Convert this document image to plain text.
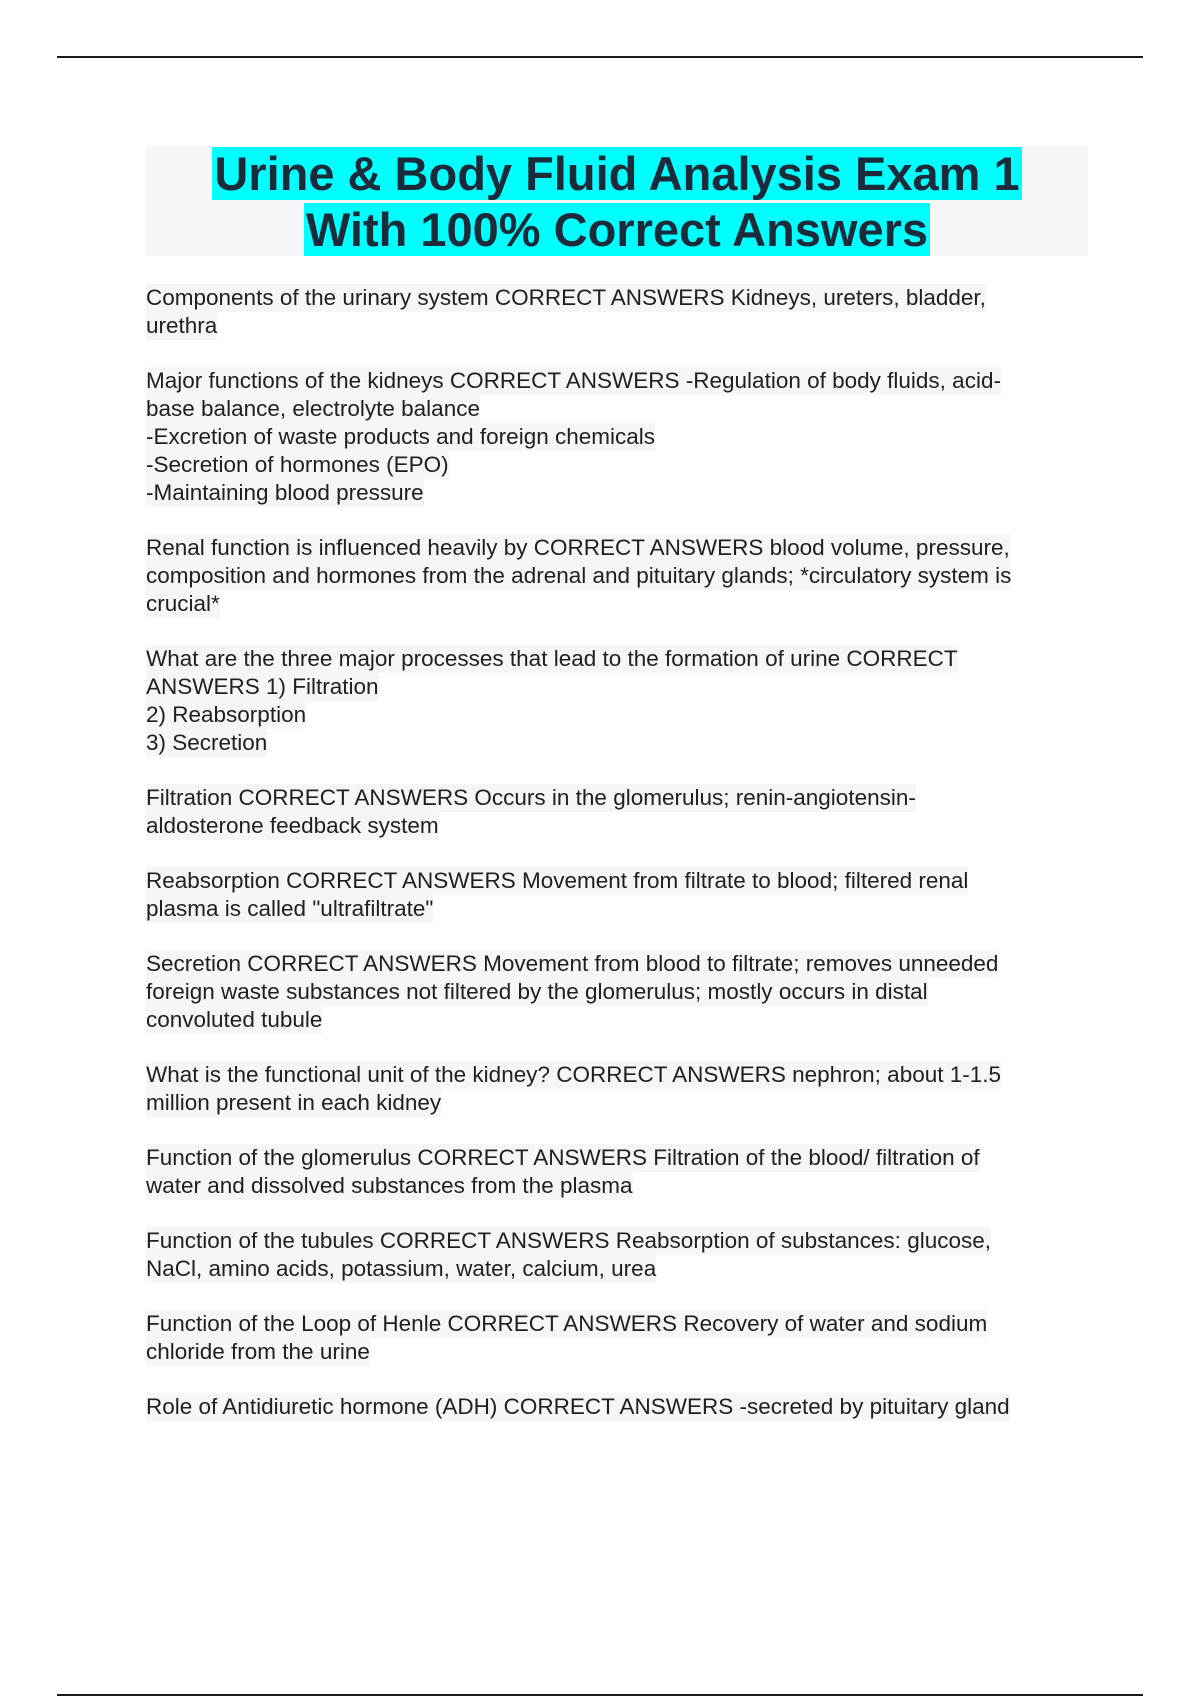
Urine & Body Fluid Analysis Exam 1
With 100% Correct Answers
Components of the urinary system CORRECT ANSWERS Kidneys, ureters, bladder,
urethra
Major functions of the kidneys CORRECT ANSWERS -Regulation of body fluids, acid-
base balance, electrolyte balance
-Excretion of waste products and foreign chemicals
-Secretion of hormones (EPO)
-Maintaining blood pressure
Renal function is influenced heavily by CORRECT ANSWERS blood volume, pressure,
composition and hormones from the adrenal and pituitary glands; *circulatory system is
crucial*
What are the three major processes that lead to the formation of urine CORRECT
ANSWERS 1) Filtration
2) Reabsorption
3) Secretion
Filtration CORRECT ANSWERS Occurs in the glomerulus; renin-angiotensin-
aldosterone feedback system
Reabsorption CORRECT ANSWERS Movement from filtrate to blood; filtered renal
plasma is called "ultrafiltrate"
Secretion CORRECT ANSWERS Movement from blood to filtrate; removes unneeded
foreign waste substances not filtered by the glomerulus; mostly occurs in distal
convoluted tubule
What is the functional unit of the kidney? CORRECT ANSWERS nephron; about 1-1.5
million present in each kidney
Function of the glomerulus CORRECT ANSWERS Filtration of the blood/ filtration of
water and dissolved substances from the plasma
Function of the tubules CORRECT ANSWERS Reabsorption of substances: glucose,
NaCl, amino acids, potassium, water, calcium, urea
Function of the Loop of Henle CORRECT ANSWERS Recovery of water and sodium
chloride from the urine
Role of Antidiuretic hormone (ADH) CORRECT ANSWERS -secreted by pituitary gland
